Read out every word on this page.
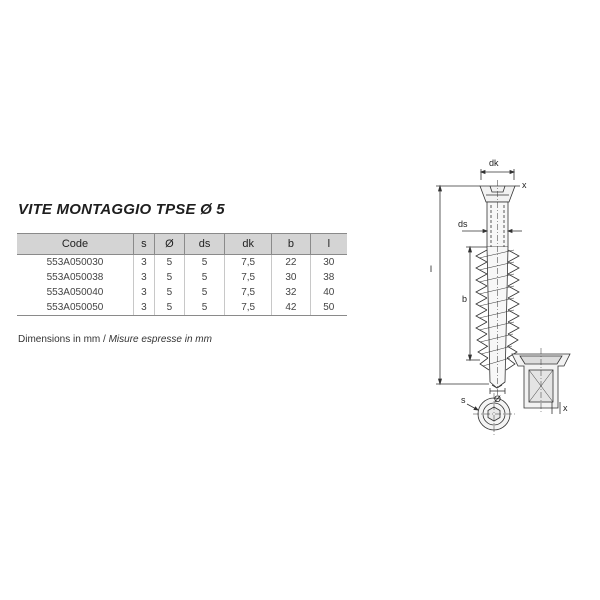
VITE MONTAGGIO TPSE Ø 5
Code	s	Ø	ds	dk	b	l
553A050030	3	5	5	7,5	22	30
553A050038	3	5	5	7,5	30	38
553A050040	3	5	5	7,5	32	40
553A050050	3	5	5	7,5	42	50
Dimensions in mm / Misure espresse in mm
dk
x
ds
l
b
Ø
s
x
